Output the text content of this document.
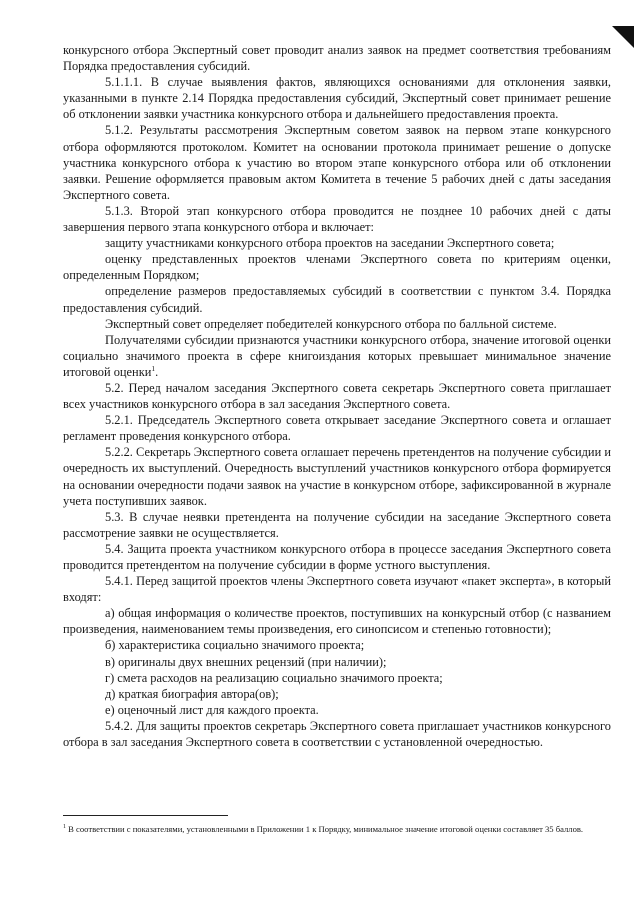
конкурсного отбора Экспертный совет проводит анализ заявок на предмет соответствия требованиям Порядка предоставления субсидий.

5.1.1.1. В случае выявления фактов, являющихся основаниями для отклонения заявки, указанными в пункте 2.14 Порядка предоставления субсидий, Экспертный совет принимает решение об отклонении заявки участника конкурсного отбора и дальнейшего предоставления проекта.

5.1.2. Результаты рассмотрения Экспертным советом заявок на первом этапе конкурсного отбора оформляются протоколом. Комитет на основании протокола принимает решение о допуске участника конкурсного отбора к участию во втором этапе конкурсного отбора или об отклонении заявки. Решение оформляется правовым актом Комитета в течение 5 рабочих дней с даты заседания Экспертного совета.

5.1.3. Второй этап конкурсного отбора проводится не позднее 10 рабочих дней с даты завершения первого этапа конкурсного отбора и включает:

защиту участниками конкурсного отбора проектов на заседании Экспертного совета;

оценку представленных проектов членами Экспертного совета по критериям оценки, определенным Порядком;

определение размеров предоставляемых субсидий в соответствии с пунктом 3.4. Порядка предоставления субсидий.

Экспертный совет определяет победителей конкурсного отбора по балльной системе.

Получателями субсидии признаются участники конкурсного отбора, значение итоговой оценки социально значимого проекта в сфере книгоиздания которых превышает минимальное значение итоговой оценки$^1$.

5.2. Перед началом заседания Экспертного совета секретарь Экспертного совета приглашает всех участников конкурсного отбора в зал заседания Экспертного совета.

5.2.1. Председатель Экспертного совета открывает заседание Экспертного совета и оглашает регламент проведения конкурсного отбора.

5.2.2. Секретарь Экспертного совета оглашает перечень претендентов на получение субсидии и очередность их выступлений. Очередность выступлений участников конкурсного отбора формируется на основании очередности подачи заявок на участие в конкурсном отборе, зафиксированной в журнале учета поступивших заявок.

5.3. В случае неявки претендента на получение субсидии на заседание Экспертного совета рассмотрение заявки не осуществляется.

5.4. Защита проекта участником конкурсного отбора в процессе заседания Экспертного совета проводится претендентом на получение субсидии в форме устного выступления.

5.4.1. Перед защитой проектов члены Экспертного совета изучают «пакет эксперта», в который входят:

а) общая информация о количестве проектов, поступивших на конкурсный отбор (с названием произведения, наименованием темы произведения, его синопсисом и степенью готовности);

б) характеристика социально значимого проекта;

в) оригиналы двух внешних рецензий (при наличии);

г) смета расходов на реализацию социально значимого проекта;

д) краткая биография автора(ов);

е) оценочный лист для каждого проекта.

5.4.2. Для защиты проектов секретарь Экспертного совета приглашает участников конкурсного отбора в зал заседания Экспертного совета в соответствии с установленной очередностью.

$^1$ В соответствии с показателями, установленными в Приложении 1 к Порядку, минимальное значение итоговой оценки составляет 35 баллов.
